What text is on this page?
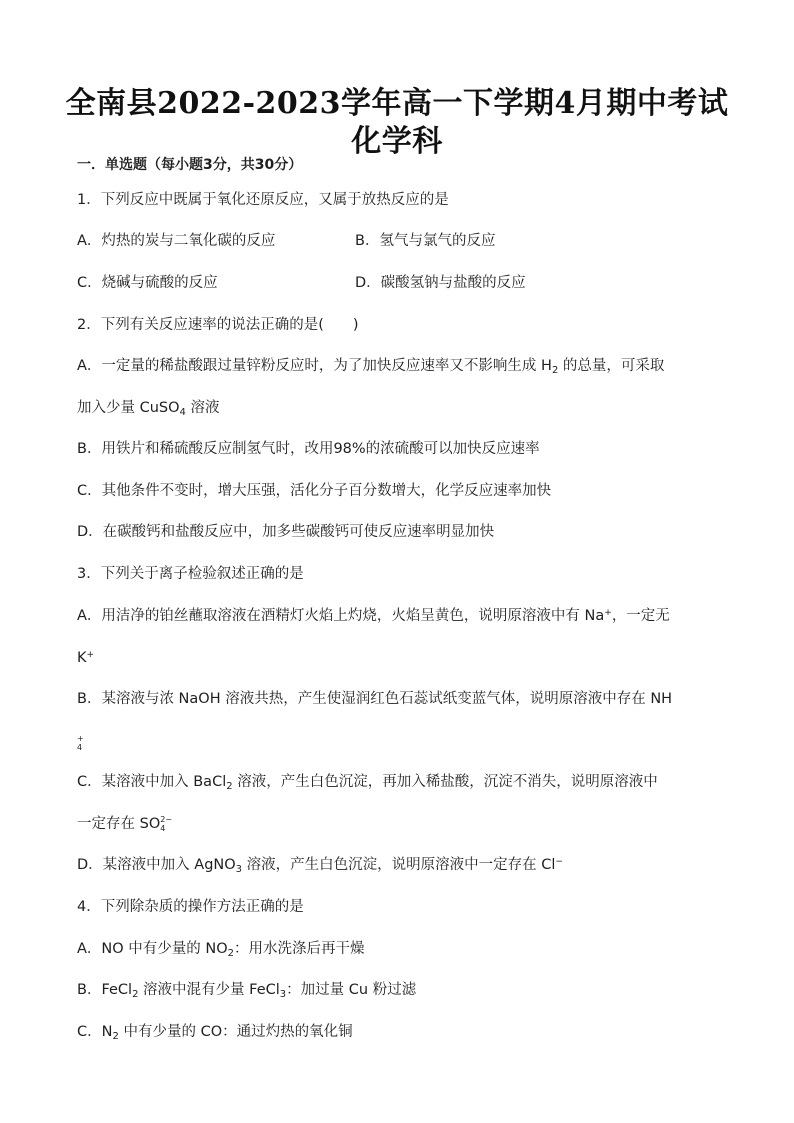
全南县2022-2023学年高一下学期4月期中考试
化学科
一．单选题（每小题3分，共30分）
1．下列反应中既属于氧化还原反应，又属于放热反应的是
A．灼热的炭与二氧化碳的反应	B．氢气与氯气的反应
C．烧碱与硫酸的反应	D．碳酸氢钠与盐酸的反应
2．下列有关反应速率的说法正确的是(　　)
A．一定量的稀盐酸跟过量锌粉反应时，为了加快反应速率又不影响生成 $H_2$ 的总量，可采取
加入少量 CuSO$_4$ 溶液
B．用铁片和稀硫酸反应制氢气时，改用98%的浓硫酸可以加快反应速率
C．其他条件不变时，增大压强，活化分子百分数增大，化学反应速率加快
D．在碳酸钙和盐酸反应中，加多些碳酸钙可使反应速率明显加快
3．下列关于离子检验叙述正确的是
A．用洁净的铂丝蘸取溶液在酒精灯火焰上灼烧，火焰呈黄色，说明原溶液中有 Na+，一定无
K+
B．某溶液与浓 NaOH 溶液共热，产生使湿润红色石蕊试纸变蓝气体，说明原溶液中存在 NH
+
4
C．某溶液中加入 BaCl$_2$ 溶液，产生白色沉淀，再加入稀盐酸，沉淀不消失，说明原溶液中
一定存在 SO 2−
4
D．某溶液中加入 AgNO$_3$ 溶液，产生白色沉淀，说明原溶液中一定存在 Cl−
4．下列除杂质的操作方法正确的是
A．NO 中有少量的 $NO_2$：用水洗涤后再干燥
B．FeCl$_2$ 溶液中混有少量 FeCl$_3$：加过量 Cu 粉过滤
C．$N_2$ 中有少量的 CO：通过灼热的氧化铜
